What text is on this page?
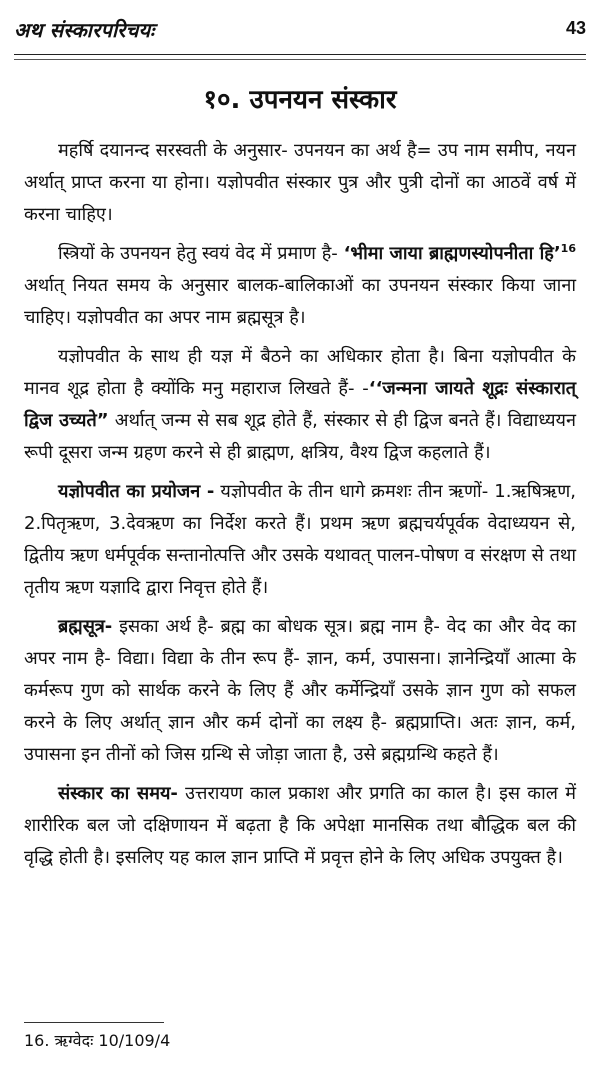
अथ संस्कारपरिचयः	43
१०. उपनयन संस्कार

महर्षि दयानन्द सरस्वती के अनुसार- उपनयन का अर्थ है= उप नाम समीप, नयन अर्थात् प्राप्त करना या होना। यज्ञोपवीत संस्कार पुत्र और पुत्री दोनों का आठवें वर्ष में करना चाहिए।

स्त्रियों के उपनयन हेतु स्वयं वेद में प्रमाण है- ‘भीमा जाया ब्राह्मणस्योपनीता हि’$^{16}$ अर्थात् नियत समय के अनुसार बालक-बालिकाओं का उपनयन संस्कार किया जाना चाहिए। यज्ञोपवीत का अपर नाम ब्रह्मसूत्र है।

यज्ञोपवीत के साथ ही यज्ञ में बैठने का अधिकार होता है। बिना यज्ञोपवीत के मानव शूद्र होता है क्योंकि मनु महाराज लिखते हैं- -‘‘जन्मना जायते शूद्रः संस्कारात् द्विज उच्यते” अर्थात् जन्म से सब शूद्र होते हैं, संस्कार से ही द्विज बनते हैं। विद्याध्ययन रूपी दूसरा जन्म ग्रहण करने से ही ब्राह्मण, क्षत्रिय, वैश्य द्विज कहलाते हैं।

यज्ञोपवीत का प्रयोजन - यज्ञोपवीत के तीन धागे क्रमशः तीन ऋणों- 1.ऋषिऋण, 2.पितृऋण, 3.देवऋण का निर्देश करते हैं। प्रथम ऋण ब्रह्मचर्यपूर्वक वेदाध्ययन से, द्वितीय ऋण धर्मपूर्वक सन्तानोत्पत्ति और उसके यथावत् पालन-पोषण व संरक्षण से तथा तृतीय ऋण यज्ञादि द्वारा निवृत्त होते हैं।

ब्रह्मसूत्र- इसका अर्थ है- ब्रह्म का बोधक सूत्र। ब्रह्म नाम है- वेद का और वेद का अपर नाम है- विद्या। विद्या के तीन रूप हैं- ज्ञान, कर्म, उपासना। ज्ञानेन्द्रियाँ आत्मा के कर्मरूप गुण को सार्थक करने के लिए हैं और कर्मेन्द्रियाँ उसके ज्ञान गुण को सफल करने के लिए अर्थात् ज्ञान और कर्म दोनों का लक्ष्य है- ब्रह्मप्राप्ति। अतः ज्ञान, कर्म, उपासना इन तीनों को जिस ग्रन्थि से जोड़ा जाता है, उसे ब्रह्मग्रन्थि कहते हैं।

संस्कार का समय- उत्तरायण काल प्रकाश और प्रगति का काल है। इस काल में शारीरिक बल जो दक्षिणायन में बढ़ता है कि अपेक्षा मानसिक तथा बौद्धिक बल की वृद्धि होती है। इसलिए यह काल ज्ञान प्राप्ति में प्रवृत्त होने के लिए अधिक उपयुक्त है।

16. ऋग्वेदः 10/109/4
